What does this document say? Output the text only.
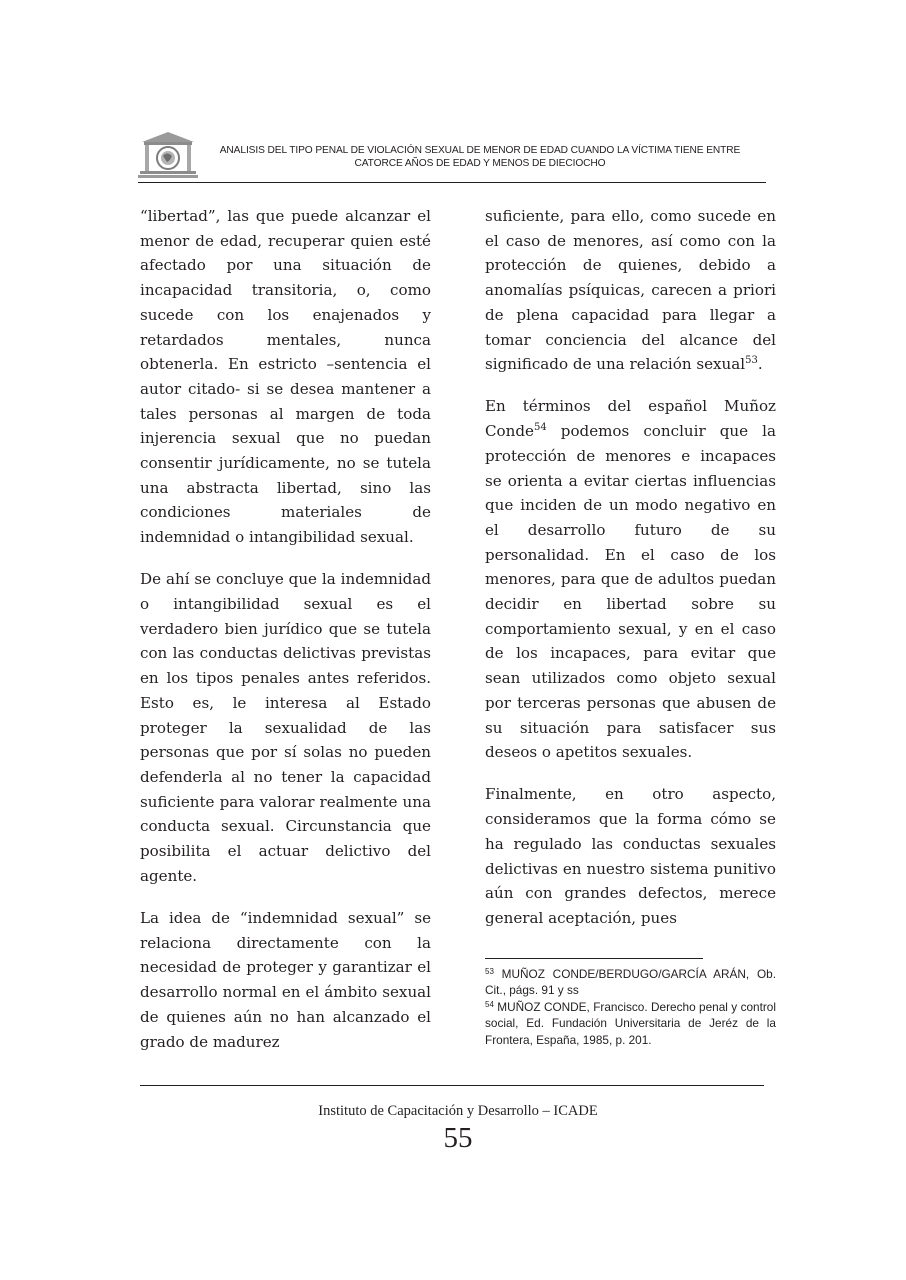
ANALISIS DEL TIPO PENAL DE VIOLACIÓN SEXUAL DE MENOR DE EDAD CUANDO LA VÍCTIMA TIENE ENTRE CATORCE AÑOS DE EDAD Y MENOS DE DIECIOCHO

“libertad”, las que puede alcanzar el menor de edad, recuperar quien esté afectado por una situación de incapacidad transitoria, o, como sucede con los enajenados y retardados mentales, nunca obtenerla. En estricto –sentencia el autor citado- si se desea mantener a tales personas al margen de toda injerencia sexual que no puedan consentir jurídicamente, no se tutela una abstracta libertad, sino las condiciones materiales de indemnidad o intangibilidad sexual.

De ahí se concluye que la indemnidad o intangibilidad sexual es el verdadero bien jurídico que se tutela con las conductas delictivas previstas en los tipos penales antes referidos. Esto es, le interesa al Estado proteger la sexualidad de las personas que por sí solas no pueden defenderla al no tener la capacidad suficiente para valorar realmente una conducta sexual. Circunstancia que posibilita el actuar delictivo del agente.

La idea de “indemnidad sexual” se relaciona directamente con la necesidad de proteger y garantizar el desarrollo normal en el ámbito sexual de quienes aún no han alcanzado el grado de madurez

suficiente, para ello, como sucede en el caso de menores, así como con la protección de quienes, debido a anomalías psíquicas, carecen a priori de plena capacidad para llegar a tomar conciencia del alcance del significado de una relación sexual$^{53}$.

En términos del español Muñoz Conde$^{54}$ podemos concluir que la protección de menores e incapaces se orienta a evitar ciertas influencias que inciden de un modo negativo en el desarrollo futuro de su personalidad. En el caso de los menores, para que de adultos puedan decidir en libertad sobre su comportamiento sexual, y en el caso de los incapaces, para evitar que sean utilizados como objeto sexual por terceras personas que abusen de su situación para satisfacer sus deseos o apetitos sexuales.

Finalmente, en otro aspecto, consideramos que la forma cómo se ha regulado las conductas sexuales delictivas en nuestro sistema punitivo aún con grandes defectos, merece general aceptación, pues

$^{53}$ MUÑOZ CONDE/BERDUGO/GARCÍA ARÁN, Ob. Cit., págs. 91 y ss

$^{54}$ MUÑOZ CONDE, Francisco. Derecho penal y control social, Ed. Fundación Universitaria de Jeréz de la Frontera, España, 1985, p. 201.

Instituto de Capacitación y Desarrollo – ICADE
55
